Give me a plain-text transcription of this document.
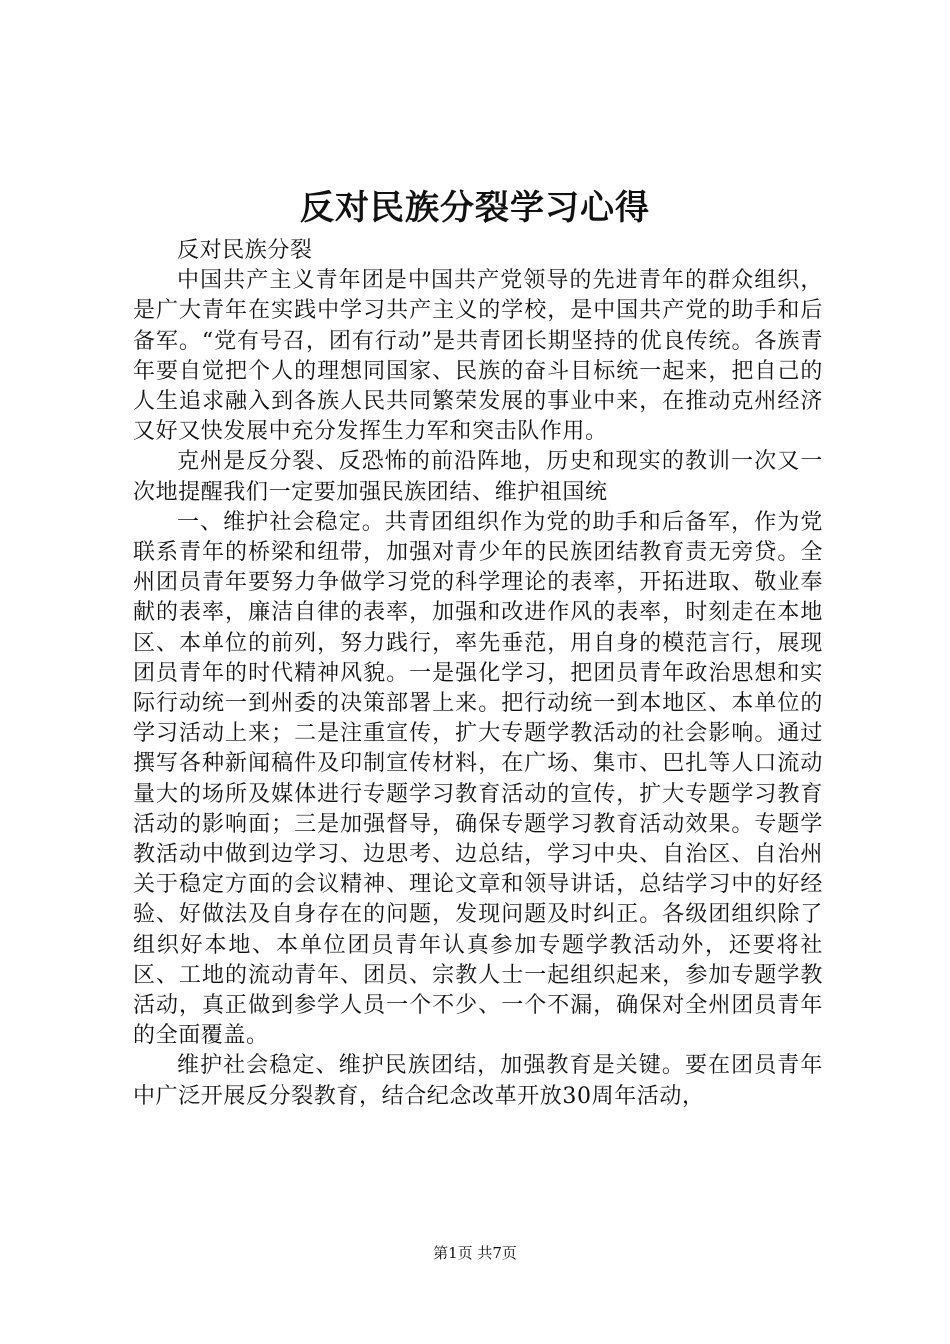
反对民族分裂学习心得

反对民族分裂

中国共产主义青年团是中国共产党领导的先进青年的群众组织，是广大青年在实践中学习共产主义的学校，是中国共产党的助手和后备军。“党有号召，团有行动”是共青团长期坚持的优良传统。各族青年要自觉把个人的理想同国家、民族的奋斗目标统一起来，把自己的人生追求融入到各族人民共同繁荣发展的事业中来，在推动克州经济又好又快发展中充分发挥生力军和突击队作用。

克州是反分裂、反恐怖的前沿阵地，历史和现实的教训一次又一次地提醒我们一定要加强民族团结、维护祖国统

一、维护社会稳定。共青团组织作为党的助手和后备军，作为党联系青年的桥梁和纽带，加强对青少年的民族团结教育责无旁贷。全州团员青年要努力争做学习党的科学理论的表率，开拓进取、敬业奉献的表率，廉洁自律的表率，加强和改进作风的表率，时刻走在本地区、本单位的前列，努力践行，率先垂范，用自身的模范言行，展现团员青年的时代精神风貌。一是强化学习，把团员青年政治思想和实际行动统一到州委的决策部署上来。把行动统一到本地区、本单位的学习活动上来；二是注重宣传，扩大专题学教活动的社会影响。通过撰写各种新闻稿件及印制宣传材料，在广场、集市、巴扎等人口流动量大的场所及媒体进行专题学习教育活动的宣传，扩大专题学习教育活动的影响面；三是加强督导，确保专题学习教育活动效果。专题学教活动中做到边学习、边思考、边总结，学习中央、自治区、自治州关于稳定方面的会议精神、理论文章和领导讲话，总结学习中的好经验、好做法及自身存在的问题，发现问题及时纠正。各级团组织除了组织好本地、本单位团员青年认真参加专题学教活动外，还要将社区、工地的流动青年、团员、宗教人士一起组织起来，参加专题学教活动，真正做到参学人员一个不少、一个不漏，确保对全州团员青年的全面覆盖。

维护社会稳定、维护民族团结，加强教育是关键。要在团员青年中广泛开展反分裂教育，结合纪念改革开放30周年活动，

第1页 共7页
